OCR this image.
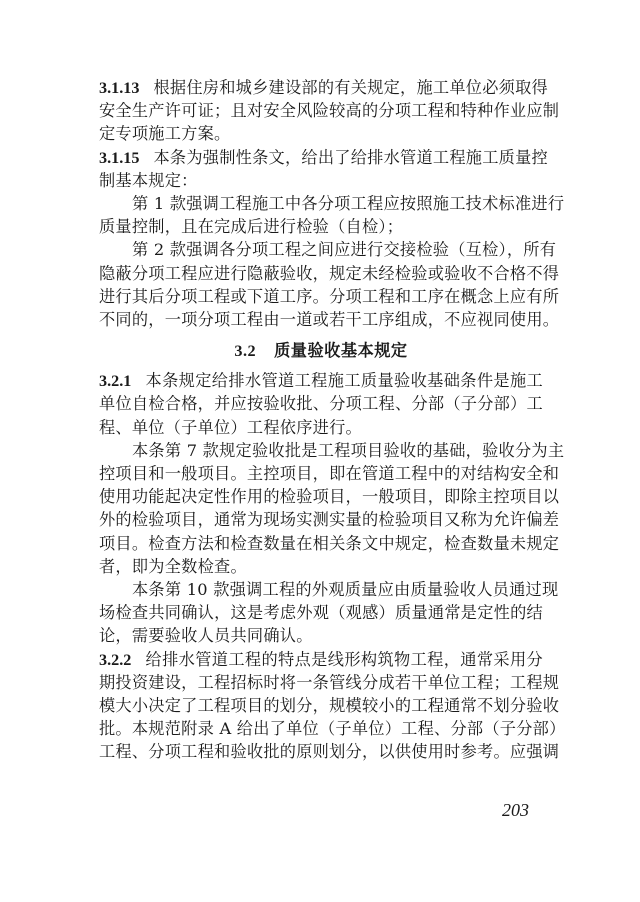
3.1.13 根据住房和城乡建设部的有关规定，施工单位必须取得
安全生产许可证；且对安全风险较高的分项工程和特种作业应制
定专项施工方案。
3.1.15 本条为强制性条文，给出了给排水管道工程施工质量控
制基本规定：
第 1 款强调工程施工中各分项工程应按照施工技术标准进行
质量控制，且在完成后进行检验（自检）；
第 2 款强调各分项工程之间应进行交接检验（互检），所有
隐蔽分项工程应进行隐蔽验收，规定未经检验或验收不合格不得
进行其后分项工程或下道工序。分项工程和工序在概念上应有所
不同的，一项分项工程由一道或若干工序组成，不应视同使用。
3.2 质量验收基本规定
3.2.1 本条规定给排水管道工程施工质量验收基础条件是施工
单位自检合格，并应按验收批、分项工程、分部（子分部）工
程、单位（子单位）工程依序进行。
本条第 7 款规定验收批是工程项目验收的基础，验收分为主
控项目和一般项目。主控项目，即在管道工程中的对结构安全和
使用功能起决定性作用的检验项目，一般项目，即除主控项目以
外的检验项目，通常为现场实测实量的检验项目又称为允许偏差
项目。检查方法和检查数量在相关条文中规定，检查数量未规定
者，即为全数检查。
本条第 10 款强调工程的外观质量应由质量验收人员通过现
场检查共同确认，这是考虑外观（观感）质量通常是定性的结
论，需要验收人员共同确认。
3.2.2 给排水管道工程的特点是线形构筑物工程，通常采用分
期投资建设，工程招标时将一条管线分成若干单位工程；工程规
模大小决定了工程项目的划分，规模较小的工程通常不划分验收
批。本规范附录 A 给出了单位（子单位）工程、分部（子分部）
工程、分项工程和验收批的原则划分，以供使用时参考。应强调
203
